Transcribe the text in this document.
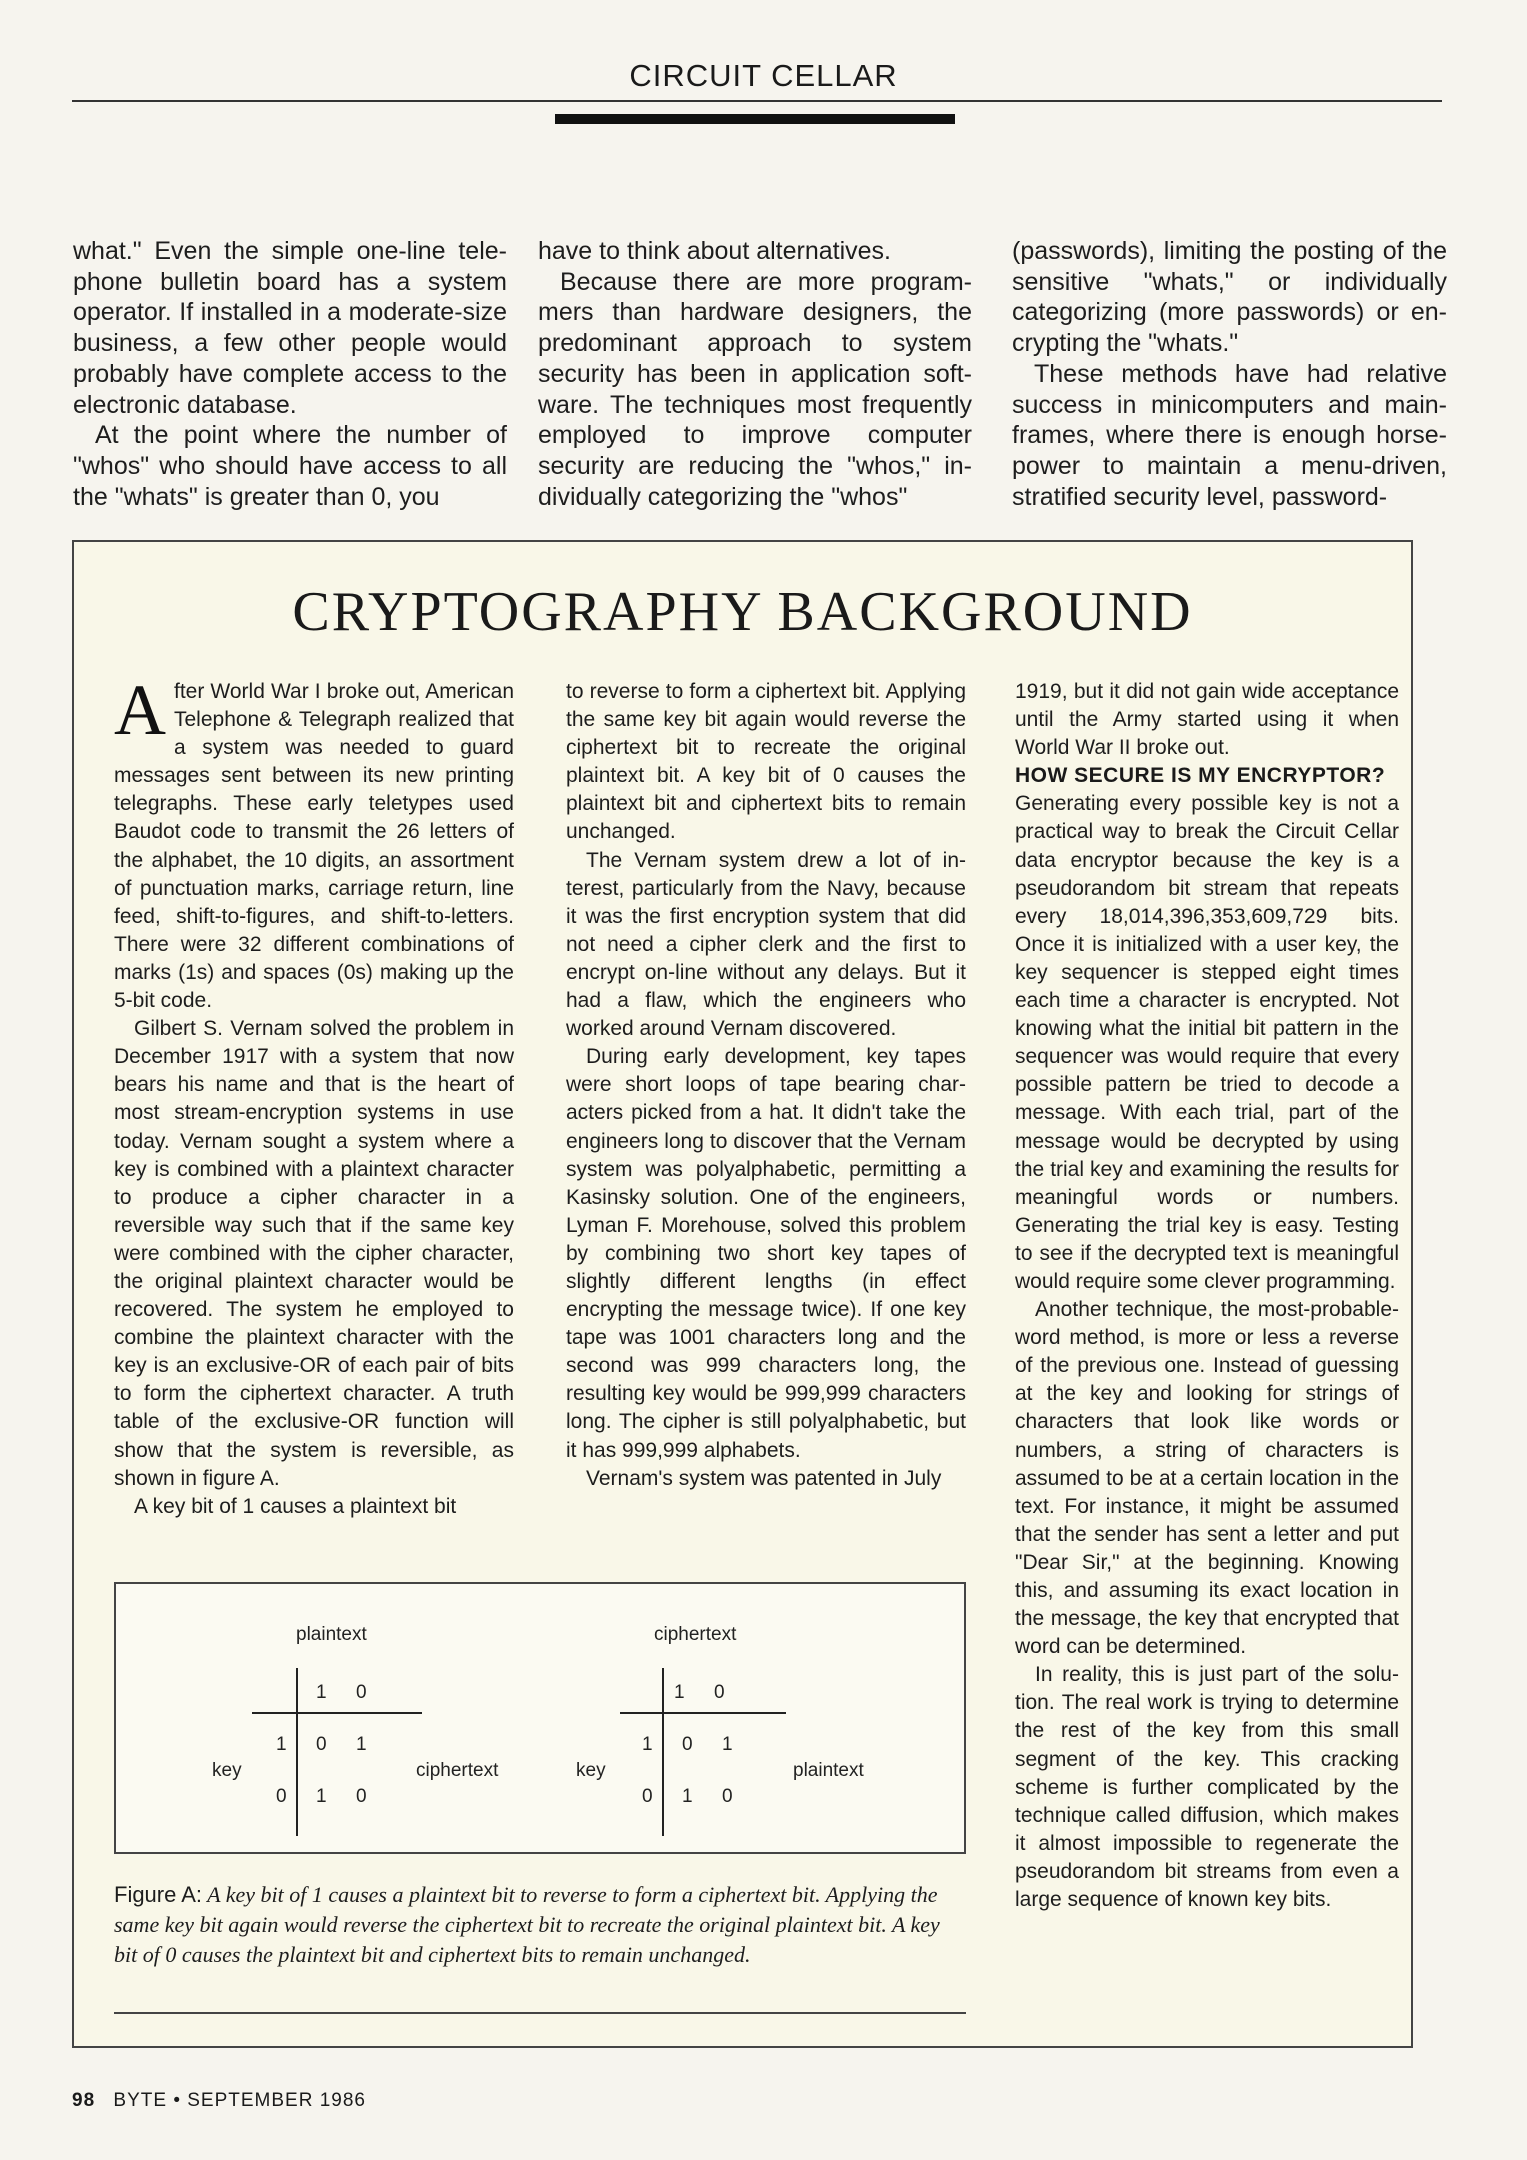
CIRCUIT CELLAR

what." Even the simple one-line telephone bulletin board has a system operator. If installed in a moderate-size business, a few other people would probably have complete access to the electronic database.

At the point where the number of "whos" who should have access to all the "whats" is greater than 0, you

have to think about alternatives.

Because there are more programmers than hardware designers, the predominant approach to system security has been in application software. The techniques most frequently employed to improve computer security are reducing the "whos," individually categorizing the "whos"

(passwords), limiting the posting of the sensitive "whats," or individually categorizing (more passwords) or encrypting the "whats."

These methods have had relative success in minicomputers and mainframes, where there is enough horsepower to maintain a menu-driven, stratified security level, password-

CRYPTOGRAPHY BACKGROUND

A fter World War I broke out, American Telephone & Telegraph realized that a system was needed to guard messages sent between its new printing telegraphs. These early teletypes used Baudot code to transmit the 26 letters of the alphabet, the 10 digits, an assortment of punctuation marks, carriage return, line feed, shift-to-figures, and shift-to-letters. There were 32 different combinations of marks (1s) and spaces (0s) making up the 5-bit code.

Gilbert S. Vernam solved the problem in December 1917 with a system that now bears his name and that is the heart of most stream-encryption systems in use today. Vernam sought a system where a key is combined with a plaintext character to produce a cipher character in a reversible way such that if the same key were combined with the cipher character, the original plaintext character would be recovered. The system he employed to combine the plaintext character with the key is an exclusive-OR of each pair of bits to form the ciphertext character. A truth table of the exclusive-OR function will show that the system is reversible, as shown in figure A.

A key bit of 1 causes a plaintext bit

to reverse to form a ciphertext bit. Applying the same key bit again would reverse the ciphertext bit to recreate the original plaintext bit. A key bit of 0 causes the plaintext bit and ciphertext bits to remain unchanged.

The Vernam system drew a lot of interest, particularly from the Navy, because it was the first encryption system that did not need a cipher clerk and the first to encrypt on-line without any delays. But it had a flaw, which the engineers who worked around Vernam discovered.

During early development, key tapes were short loops of tape bearing characters picked from a hat. It didn't take the engineers long to discover that the Vernam system was polyalphabetic, permitting a Kasinsky solution. One of the engineers, Lyman F. Morehouse, solved this problem by combining two short key tapes of slightly different lengths (in effect encrypting the message twice). If one key tape was 1001 characters long and the second was 999 characters long, the resulting key would be 999,999 characters long. The cipher is still polyalphabetic, but it has 999,999 alphabets.

Vernam's system was patented in July

1919, but it did not gain wide acceptance until the Army started using it when World War II broke out.

HOW SECURE IS MY ENCRYPTOR?

Generating every possible key is not a practical way to break the Circuit Cellar data encryptor because the key is a pseudorandom bit stream that repeats every 18,014,396,353,609,729 bits. Once it is initialized with a user key, the key sequencer is stepped eight times each time a character is encrypted. Not knowing what the initial bit pattern in the sequencer was would require that every possible pattern be tried to decode a message. With each trial, part of the message would be decrypted by using the trial key and examining the results for meaningful words or numbers. Generating the trial key is easy. Testing to see if the decrypted text is meaningful would require some clever programming.

Another technique, the most-probable-word method, is more or less a reverse of the previous one. Instead of guessing at the key and looking for strings of characters that look like words or numbers, a string of characters is assumed to be at a certain location in the text. For instance, it might be assumed that the sender has sent a letter and put "Dear Sir," at the beginning. Knowing this, and assuming its exact location in the message, the key that encrypted that word can be determined.

In reality, this is just part of the solution. The real work is trying to determine the rest of the key from this small segment of the key. This cracking scheme is further complicated by the technique called diffusion, which makes it almost impossible to regenerate the pseudorandom bit streams from even a large sequence of known key bits.

plaintext
1 0
1
0
0 1
1 0
key	ciphertext
ciphertext
1 0
1
0
0 1
1 0
key	plaintext
Figure A: A key bit of 1 causes a plaintext bit to reverse to form a ciphertext bit. Applying the same key bit again would reverse the ciphertext bit to recreate the original plaintext bit. A key bit of 0 causes the plaintext bit and ciphertext bits to remain unchanged.
98 BYTE • SEPTEMBER 1986
